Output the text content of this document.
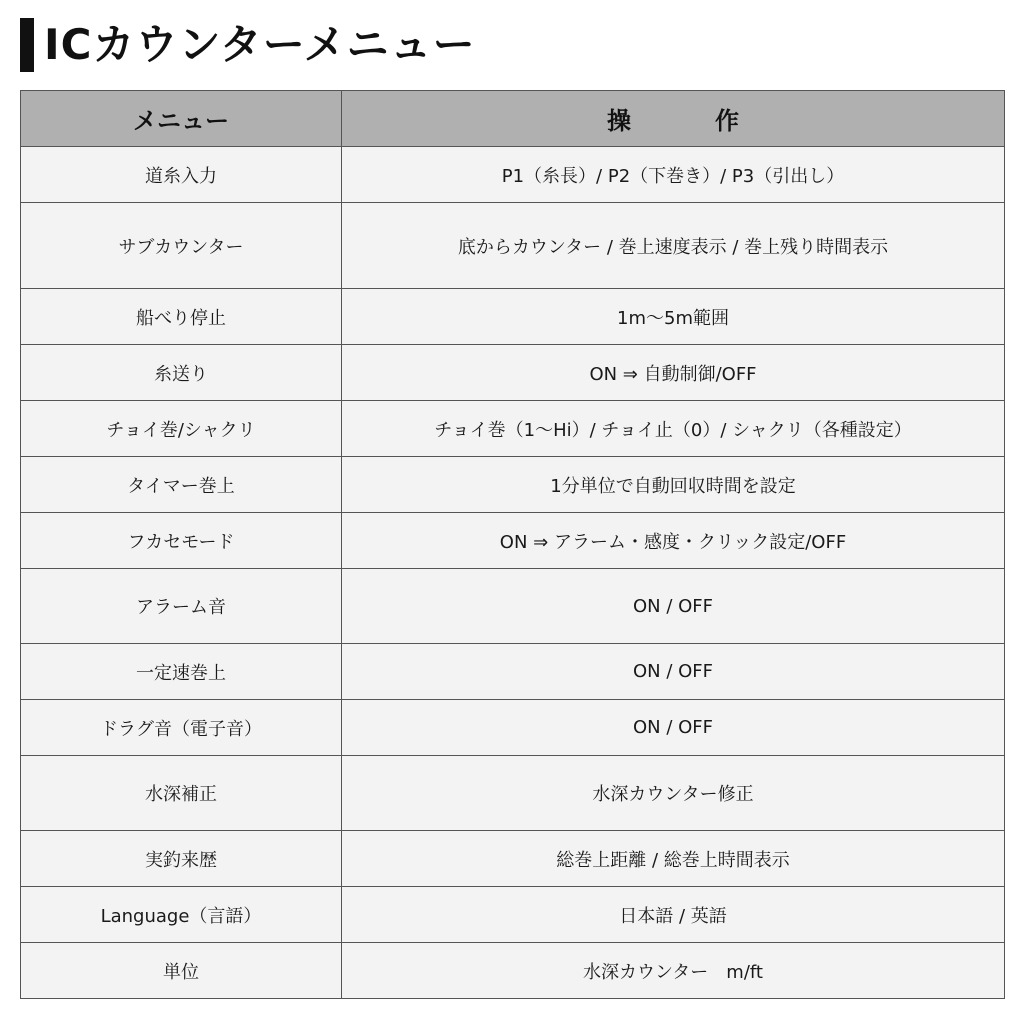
ICカウンターメニュー
メニュー	操　作
道糸入力	P1（糸長）/ P2（下巻き）/ P3（引出し）
サブカウンター	底からカウンター / 巻上速度表示 / 巻上残り時間表示
船べり停止	1m〜5m範囲
糸送り	ON ⇒ 自動制御/OFF
チョイ巻/シャクリ	チョイ巻（1〜Hi）/ チョイ止（0）/ シャクリ（各種設定）
タイマー巻上	1分単位で自動回収時間を設定
フカセモード	ON ⇒ アラーム・感度・クリック設定/OFF
アラーム音	ON / OFF
一定速巻上	ON / OFF
ドラグ音（電子音）	ON / OFF
水深補正	水深カウンター修正
実釣来歴	総巻上距離 / 総巻上時間表示
Language（言語）	日本語 / 英語
単位	水深カウンター　m/ft
